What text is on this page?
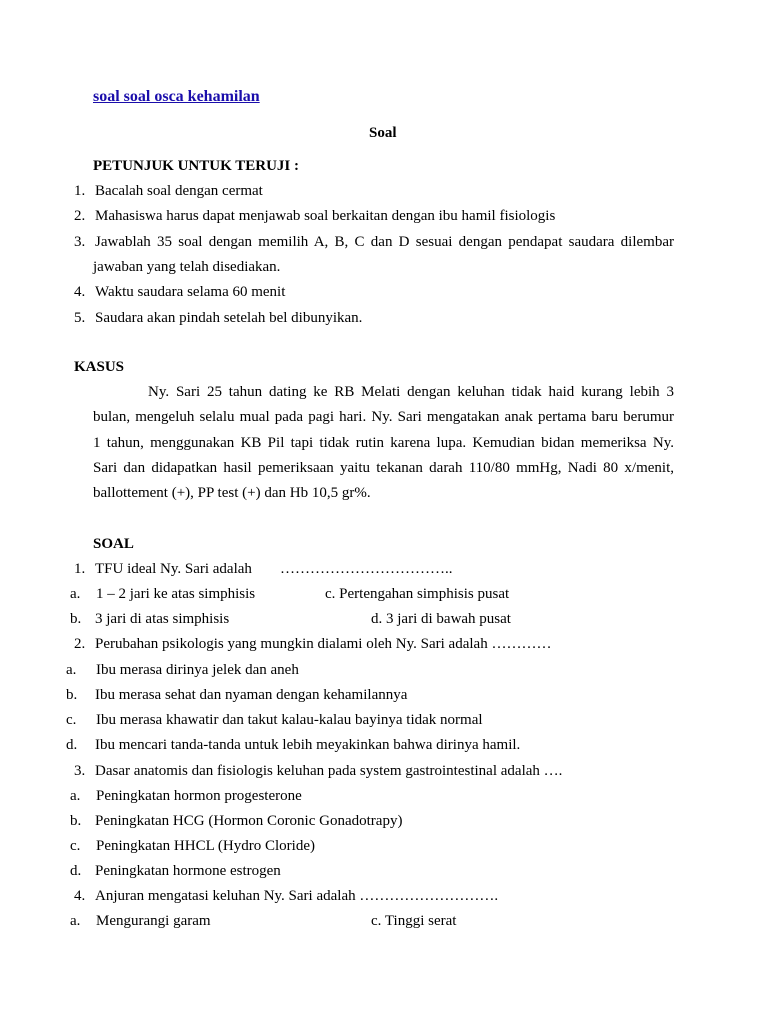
soal soal osca kehamilan
Soal
PETUNJUK UNTUK TERUJI :
1. Bacalah soal dengan cermat
2. Mahasiswa harus dapat menjawab soal berkaitan dengan ibu hamil fisiologis
3. Jawablah 35 soal dengan memilih A, B, C dan D sesuai dengan pendapat saudara dilembar
jawaban yang telah disediakan.
4. Waktu saudara selama 60 menit
5. Saudara akan pindah setelah bel dibunyikan.
KASUS
Ny. Sari 25 tahun dating ke RB Melati dengan keluhan tidak haid kurang lebih 3
bulan, mengeluh selalu mual pada pagi hari. Ny. Sari mengatakan anak pertama baru berumur
1 tahun, menggunakan KB Pil tapi tidak rutin karena lupa. Kemudian bidan memeriksa Ny.
Sari dan didapatkan hasil pemeriksaan yaitu tekanan darah 110/80 mmHg, Nadi 80 x/menit,
ballottement (+), PP test (+) dan Hb 10,5 gr%.
SOAL
1. TFU ideal Ny. Sari adalah ……………………………..
a. 1 – 2 jari ke atas simphisis	c. Pertengahan simphisis pusat
b. 3 jari di atas simphisis	d. 3 jari di bawah pusat
2. Perubahan psikologis yang mungkin dialami oleh Ny. Sari adalah …………
a. Ibu merasa dirinya jelek dan aneh
b. Ibu merasa sehat dan nyaman dengan kehamilannya
c. Ibu merasa khawatir dan takut kalau-kalau bayinya tidak normal
d. Ibu mencari tanda-tanda untuk lebih meyakinkan bahwa dirinya hamil.
3. Dasar anatomis dan fisiologis keluhan pada system gastrointestinal adalah ….
a. Peningkatan hormon progesterone
b. Peningkatan HCG (Hormon Coronic Gonadotrapy)
c. Peningkatan HHCL (Hydro Cloride)
d. Peningkatan hormone estrogen
4. Anjuran mengatasi keluhan Ny. Sari adalah ……………………….
a. Mengurangi garam	c. Tinggi serat
